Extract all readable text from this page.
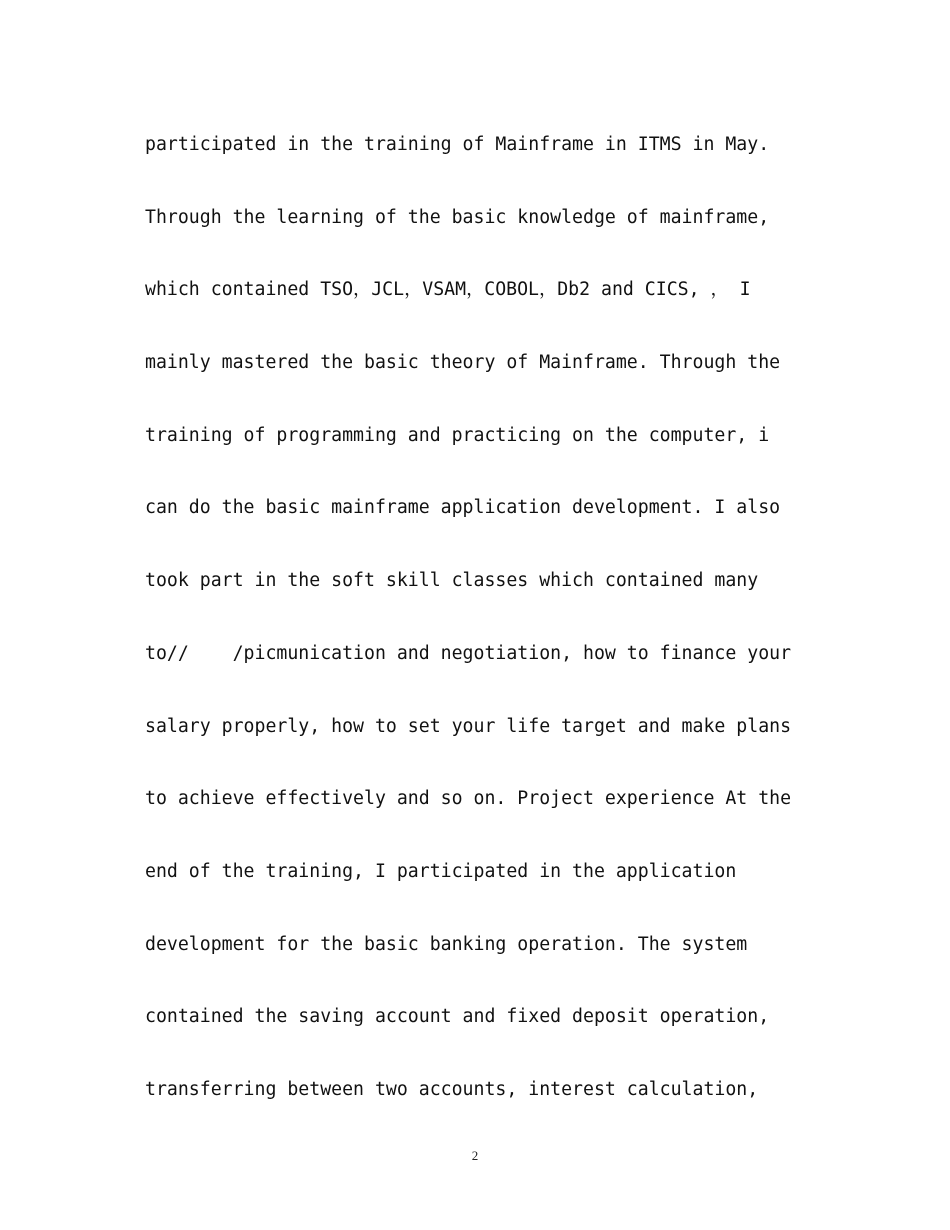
participated in the training of Mainframe in ITMS in May.
Through the learning of the basic knowledge of mainframe,
which contained TSO，JCL，VSAM，COBOL，Db2 and CICS, ， I
mainly mastered the basic theory of Mainframe. Through the
training of programming and practicing on the computer, i
can do the basic mainframe application development. I also
took part in the soft skill classes which contained many
to//    /picmunication and negotiation, how to finance your
salary properly, how to set your life target and make plans
to achieve effectively and so on. Project experience At the
end of the training, I participated in the application
development for the basic banking operation. The system
contained the saving account and fixed deposit operation,
transferring between two accounts, interest calculation,
2
